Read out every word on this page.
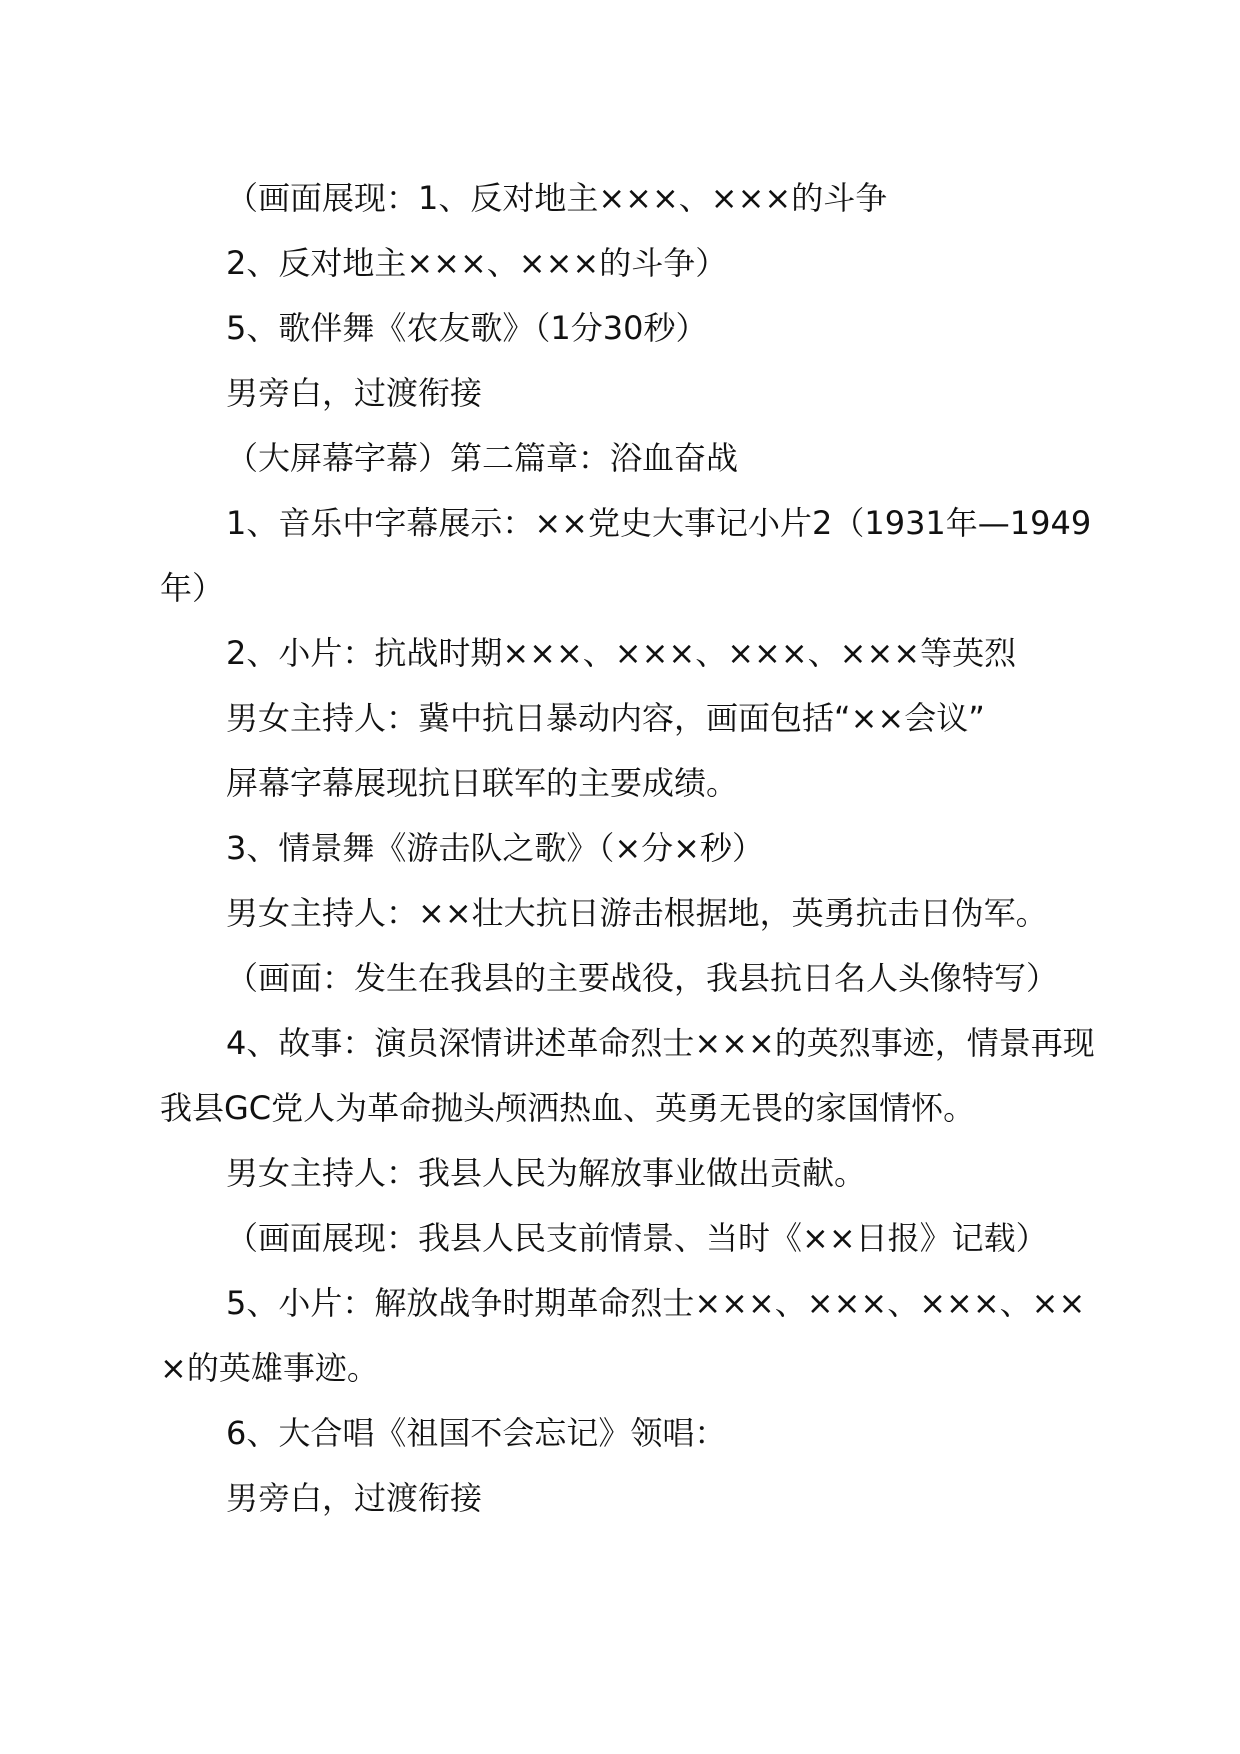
（画面展现：1、反对地主×××、×××的斗争

2、反对地主×××、×××的斗争）

5、歌伴舞《农友歌》（1分30秒）

男旁白，过渡衔接

（大屏幕字幕）第二篇章：浴血奋战

1、音乐中字幕展示：××党史大事记小片2（1931年—1949年）

2、小片：抗战时期×××、×××、×××、×××等英烈

男女主持人：冀中抗日暴动内容，画面包括“××会议”

屏幕字幕展现抗日联军的主要成绩。

3、情景舞《游击队之歌》（×分×秒）

男女主持人：××壮大抗日游击根据地，英勇抗击日伪军。

（画面：发生在我县的主要战役，我县抗日名人头像特写）

4、故事：演员深情讲述革命烈士×××的英烈事迹，情景再现我县GC党人为革命抛头颅洒热血、英勇无畏的家国情怀。

男女主持人：我县人民为解放事业做出贡献。

（画面展现：我县人民支前情景、当时《××日报》记载）

5、小片：解放战争时期革命烈士×××、×××、×××、×××的英雄事迹。

6、大合唱《祖国不会忘记》领唱：

男旁白，过渡衔接
